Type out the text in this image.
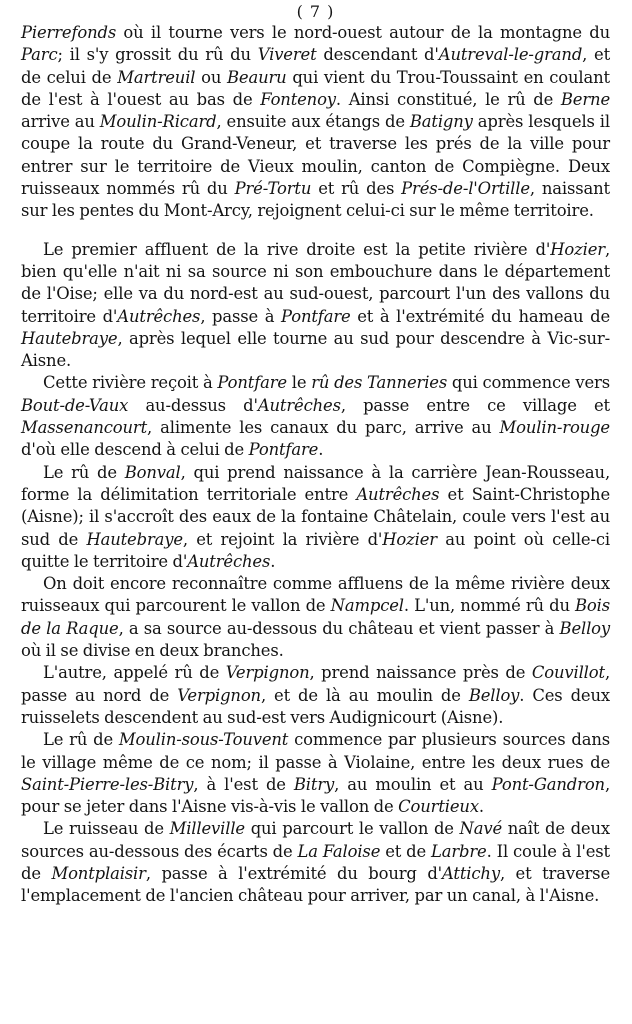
( 7 )

Pierrefonds où il tourne vers le nord-ouest autour de la montagne du Parc; il s'y grossit du rû du Viveret descendant d'Autreval-le-grand, et de celui de Martreuil ou Beauru qui vient du Trou-Toussaint en coulant de l'est à l'ouest au bas de Fontenoy. Ainsi constitué, le rû de Berne arrive au Moulin-Ricard, ensuite aux étangs de Batigny après lesquels il coupe la route du Grand-Veneur, et traverse les prés de la ville pour entrer sur le territoire de Vieux moulin, canton de Compiègne. Deux ruisseaux nommés rû du Pré-Tortu et rû des Prés-de-l'Ortille, naissant sur les pentes du Mont-Arcy, rejoignent celui-ci sur le même territoire.

Le premier affluent de la rive droite est la petite rivière d'Hozier, bien qu'elle n'ait ni sa source ni son embouchure dans le département de l'Oise; elle va du nord-est au sud-ouest, parcourt l'un des vallons du territoire d'Autrêches, passe à Pontfare et à l'extrémité du hameau de Hautebraye, après lequel elle tourne au sud pour descendre à Vic-sur-Aisne.

Cette rivière reçoit à Pontfare le rû des Tanneries qui commence vers Bout-de-Vaux au-dessus d'Autrêches, passe entre ce village et Massenancourt, alimente les canaux du parc, arrive au Moulin-rouge d'où elle descend à celui de Pontfare.

Le rû de Bonval, qui prend naissance à la carrière Jean-Rousseau, forme la délimitation territoriale entre Autrêches et Saint-Christophe (Aisne); il s'accroît des eaux de la fontaine Châtelain, coule vers l'est au sud de Hautebraye, et rejoint la rivière d'Hozier au point où celle-ci quitte le territoire d'Autrêches.

On doit encore reconnaître comme affluens de la même rivière deux ruisseaux qui parcourent le vallon de Nampcel. L'un, nommé rû du Bois de la Raque, a sa source au-dessous du château et vient passer à Belloy où il se divise en deux branches.

L'autre, appelé rû de Verpignon, prend naissance près de Couvillot, passe au nord de Verpignon, et de là au moulin de Belloy. Ces deux ruisselets descendent au sud-est vers Audignicourt (Aisne).

Le rû de Moulin-sous-Touvent commence par plusieurs sources dans le village même de ce nom; il passe à Violaine, entre les deux rues de Saint-Pierre-les-Bitry, à l'est de Bitry, au moulin et au Pont-Gandron, pour se jeter dans l'Aisne vis-à-vis le vallon de Courtieux.

Le ruisseau de Milleville qui parcourt le vallon de Navé naît de deux sources au-dessous des écarts de La Faloise et de Larbre. Il coule à l'est de Montplaisir, passe à l'extrémité du bourg d'Attichy, et traverse l'emplacement de l'ancien château pour arriver, par un canal, à l'Aisne.
